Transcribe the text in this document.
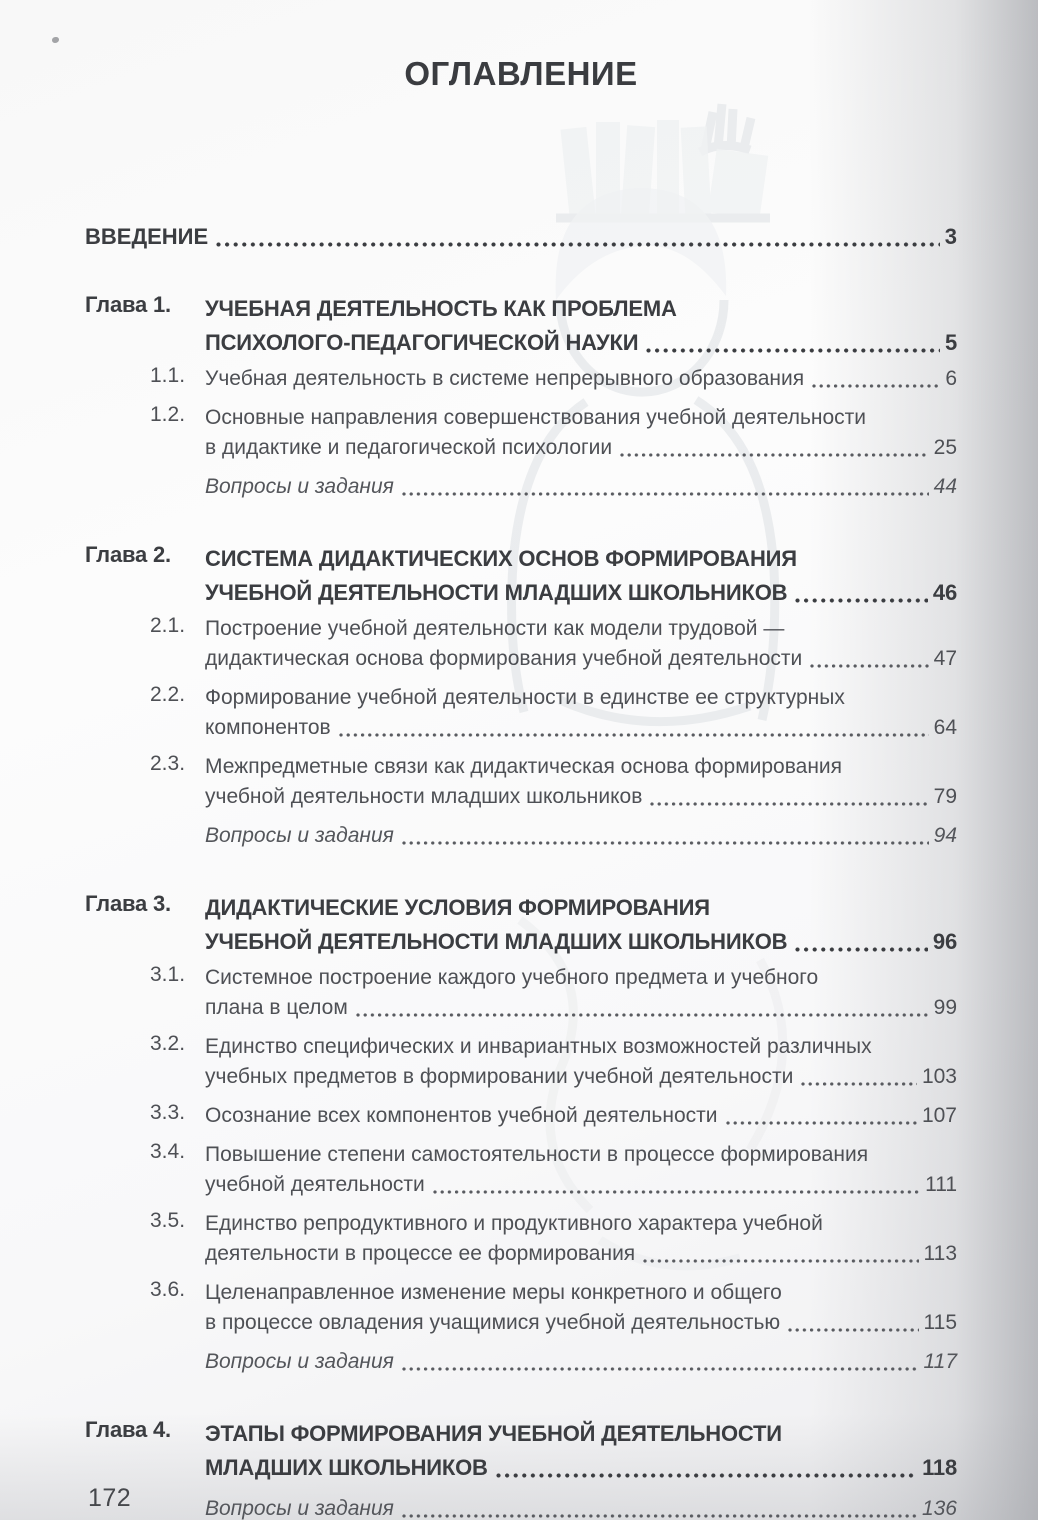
ОГЛАВЛЕНИЕ
ВВЕДЕНИЕ	3
Глава 1.	УЧЕБНАЯ ДЕЯТЕЛЬНОСТЬ КАК ПРОБЛЕМА
ПСИХОЛОГО-ПЕДАГОГИЧЕСКОЙ НАУКИ	5
1.1. Учебная деятельность в системе непрерывного образования	6
1.2. Основные направления совершенствования учебной деятельности
в дидактике и педагогической психологии	25
Вопросы и задания	44
Глава 2.	СИСТЕМА ДИДАКТИЧЕСКИХ ОСНОВ ФОРМИРОВАНИЯ
УЧЕБНОЙ ДЕЯТЕЛЬНОСТИ МЛАДШИХ ШКОЛЬНИКОВ	46
2.1. Построение учебной деятельности как модели трудовой —
дидактическая основа формирования учебной деятельности	47
2.2. Формирование учебной деятельности в единстве ее структурных
компонентов	64
2.3. Межпредметные связи как дидактическая основа формирования
учебной деятельности младших школьников	79
Вопросы и задания	94
Глава 3.	ДИДАКТИЧЕСКИЕ УСЛОВИЯ ФОРМИРОВАНИЯ
УЧЕБНОЙ ДЕЯТЕЛЬНОСТИ МЛАДШИХ ШКОЛЬНИКОВ	96
3.1. Системное построение каждого учебного предмета и учебного
плана в целом	99
3.2. Единство специфических и инвариантных возможностей различных
учебных предметов в формировании учебной деятельности	103
3.3. Осознание всех компонентов учебной деятельности	107
3.4. Повышение степени самостоятельности в процессе формирования
учебной деятельности	111
3.5. Единство репродуктивного и продуктивного характера учебной
деятельности в процессе ее формирования	113
3.6. Целенаправленное изменение меры конкретного и общего
в процессе овладения учащимися учебной деятельностью	115
Вопросы и задания	117
Глава 4.	ЭТАПЫ ФОРМИРОВАНИЯ УЧЕБНОЙ ДЕЯТЕЛЬНОСТИ
МЛАДШИХ ШКОЛЬНИКОВ	118
Вопросы и задания	136
172
